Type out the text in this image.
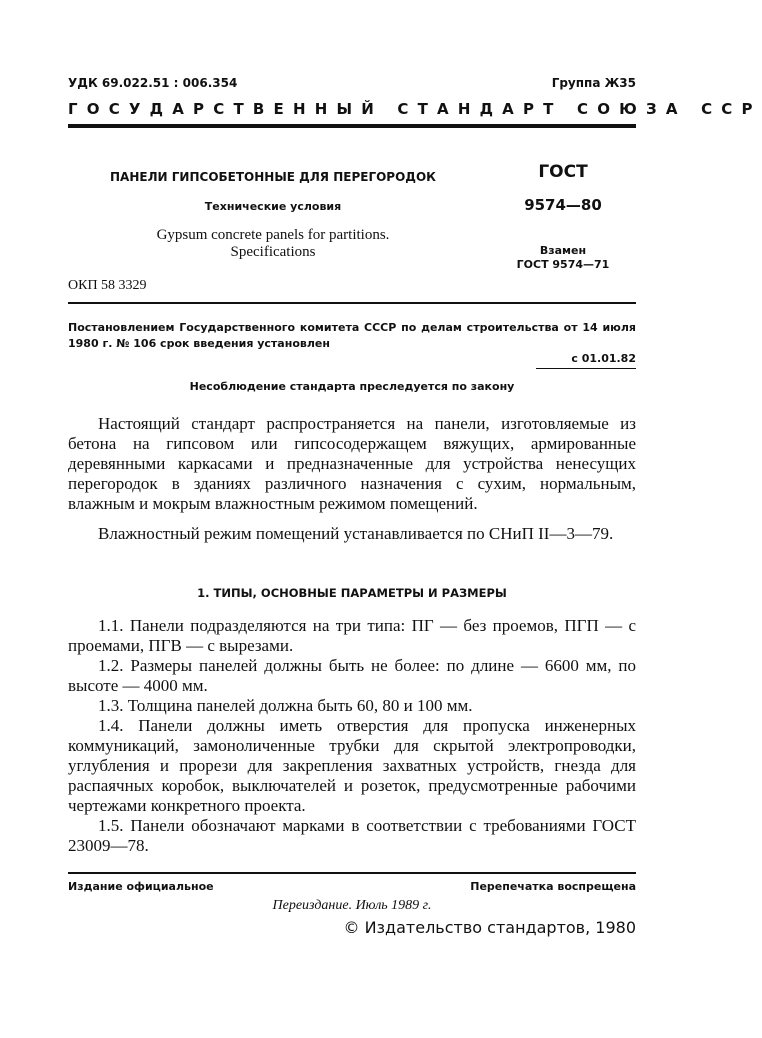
УДК 69.022.51 : 006.354	Группа Ж35
ГОСУДАРСТВЕННЫЙ СТАНДАРТ СОЮЗА ССР
ПАНЕЛИ ГИПСОБЕТОННЫЕ ДЛЯ ПЕРЕГОРОДОК
Технические условия
Gypsum concrete panels for partitions.
Specifications
ГОСТ
9574—80
Взамен
ГОСТ 9574—71
ОКП 58 3329
Постановлением Государственного комитета СССР по делам строительства от 14 июля 1980 г. № 106 срок введения установлен
с 01.01.82
Несоблюдение стандарта преследуется по закону
Настоящий стандарт распространяется на панели, изготовляемые из бетона на гипсовом или гипсосодержащем вяжущих, армированные деревянными каркасами и предназначенные для устройства ненесущих перегородок в зданиях различного назначения с сухим, нормальным, влажным и мокрым влажностным режимом помещений.
Влажностный режим помещений устанавливается по СНиП II—3—79.
1. ТИПЫ, ОСНОВНЫЕ ПАРАМЕТРЫ И РАЗМЕРЫ

1.1. Панели подразделяются на три типа: ПГ — без проемов, ПГП — с проемами, ПГВ — с вырезами.

1.2. Размеры панелей должны быть не более: по длине — 6600 мм, по высоте — 4000 мм.

1.3. Толщина панелей должна быть 60, 80 и 100 мм.

1.4. Панели должны иметь отверстия для пропуска инженерных коммуникаций, замоноличенные трубки для скрытой электропроводки, углубления и прорези для закрепления захватных устройств, гнезда для распаячных коробок, выключателей и розеток, предусмотренные рабочими чертежами конкретного проекта.

1.5. Панели обозначают марками в соответствии с требованиями ГОСТ 23009—78.

Издание официальное	Перепечатка воспрещена
Переиздание. Июль 1989 г.
© Издательство стандартов, 1980
